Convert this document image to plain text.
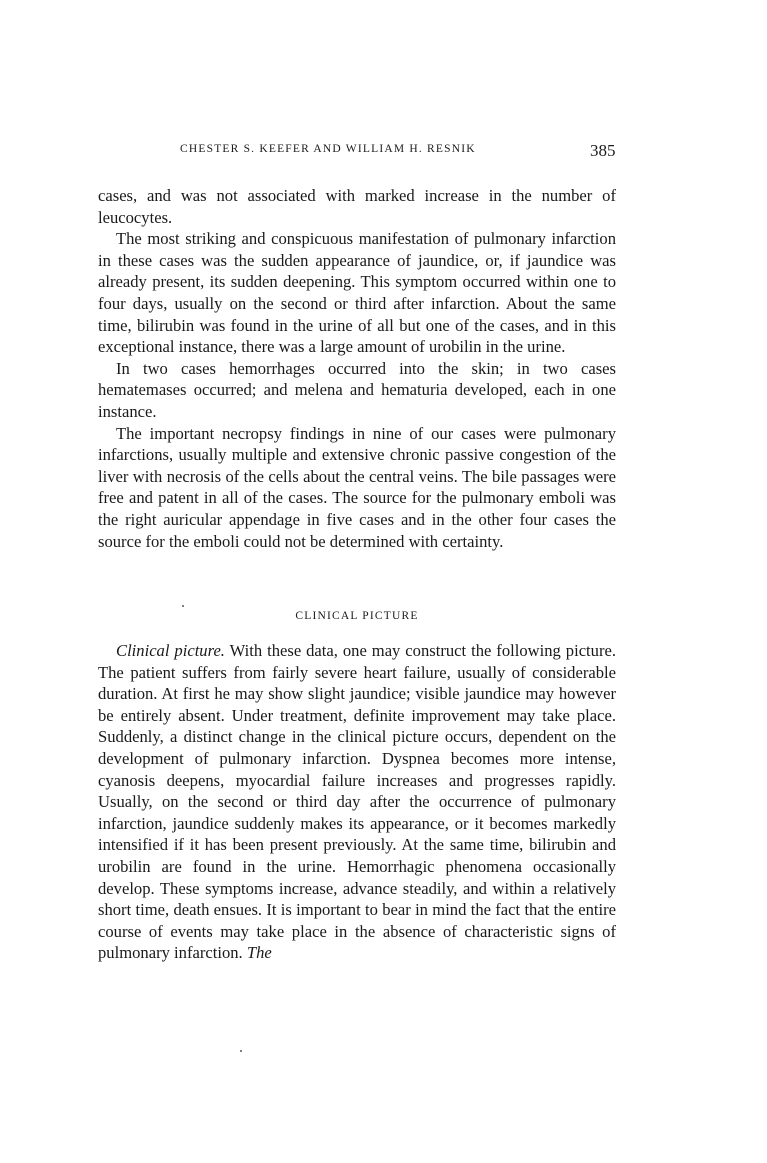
CHESTER S. KEEFER AND WILLIAM H. RESNIK	385

cases, and was not associated with marked increase in the number of leucocytes.

The most striking and conspicuous manifestation of pulmonary infarction in these cases was the sudden appearance of jaundice, or, if jaundice was already present, its sudden deepening. This symptom occurred within one to four days, usually on the second or third after infarction. About the same time, bilirubin was found in the urine of all but one of the cases, and in this exceptional instance, there was a large amount of urobilin in the urine.

In two cases hemorrhages occurred into the skin; in two cases hematemases occurred; and melena and hematuria developed, each in one instance.

The important necropsy findings in nine of our cases were pulmonary infarctions, usually multiple and extensive chronic passive congestion of the liver with necrosis of the cells about the central veins. The bile passages were free and patent in all of the cases. The source for the pulmonary emboli was the right auricular appendage in five cases and in the other four cases the source for the emboli could not be determined with certainty.

CLINICAL PICTURE

Clinical picture. With these data, one may construct the following picture. The patient suffers from fairly severe heart failure, usually of considerable duration. At first he may show slight jaundice; visible jaundice may however be entirely absent. Under treatment, definite improvement may take place. Suddenly, a distinct change in the clinical picture occurs, dependent on the development of pulmonary infarction. Dyspnea becomes more intense, cyanosis deepens, myocardial failure increases and progresses rapidly. Usually, on the second or third day after the occurrence of pulmonary infarction, jaundice suddenly makes its appearance, or it becomes markedly intensified if it has been present previously. At the same time, bilirubin and urobilin are found in the urine. Hemorrhagic phenomena occasionally develop. These symptoms increase, advance steadily, and within a relatively short time, death ensues. It is important to bear in mind the fact that the entire course of events may take place in the absence of characteristic signs of pulmonary infarction. The
